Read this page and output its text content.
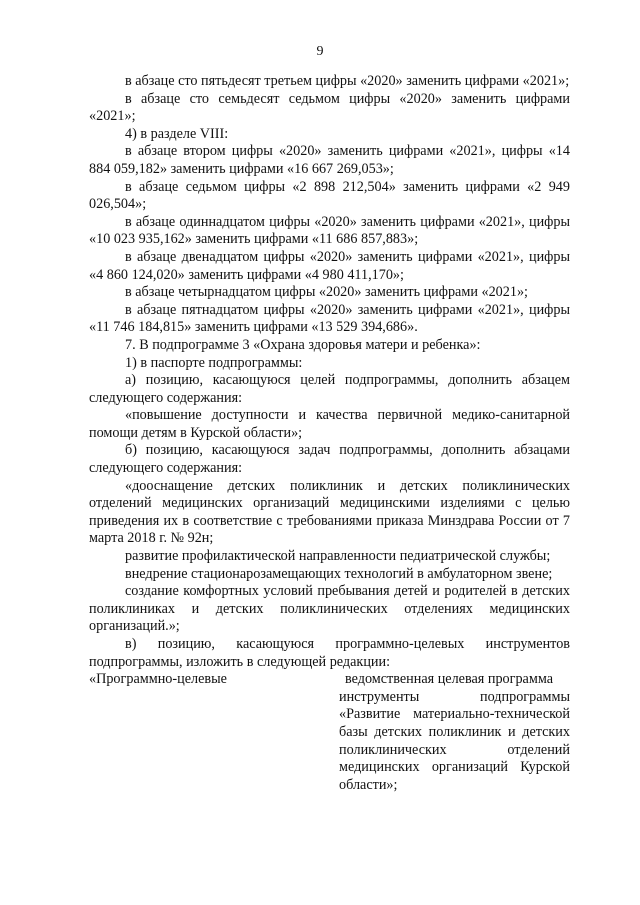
9

в абзаце сто пятьдесят третьем цифры «2020» заменить цифрами «2021»;

в абзаце сто семьдесят седьмом цифры «2020» заменить цифрами «2021»;

4) в разделе VIII:

в абзаце втором цифры «2020» заменить цифрами «2021», цифры «14 884 059,182» заменить цифрами «16 667 269,053»;

в абзаце седьмом цифры «2 898 212,504» заменить цифрами «2 949 026,504»;

в абзаце одиннадцатом цифры «2020» заменить цифрами «2021», цифры «10 023 935,162» заменить цифрами «11 686 857,883»;

в абзаце двенадцатом цифры «2020» заменить цифрами «2021», цифры «4 860 124,020» заменить цифрами «4 980 411,170»;

в абзаце четырнадцатом цифры «2020» заменить цифрами «2021»;

в абзаце пятнадцатом цифры «2020» заменить цифрами «2021», цифры «11 746 184,815» заменить цифрами «13 529 394,686».

7. В подпрограмме 3 «Охрана здоровья матери и ребенка»:

1) в паспорте подпрограммы:

а) позицию, касающуюся целей подпрограммы, дополнить абзацем следующего содержания:

«повышение доступности и качества первичной медико-санитарной помощи детям в Курской области»;

б) позицию, касающуюся задач подпрограммы, дополнить абзацами следующего содержания:

«дооснащение детских поликлиник и детских поликлинических отделений медицинских организаций медицинскими изделиями с целью приведения их в соответствие с требованиями приказа Минздрава России от 7 марта 2018 г. № 92н;

развитие профилактической направленности педиатрической службы;

внедрение стационарозамещающих технологий в амбулаторном звене;

создание комфортных условий пребывания детей и родителей в детских поликлиниках и детских поликлинических отделениях медицинских организаций.»;

в) позицию, касающуюся программно-целевых инструментов подпрограммы, изложить в следующей редакции:

«Программно-целевые	ведомственная целевая программа
инструменты подпрограммы
«Развитие материально-технической
базы детских поликлиник и детских
поликлинических отделений
медицинских организаций Курской
области»;
